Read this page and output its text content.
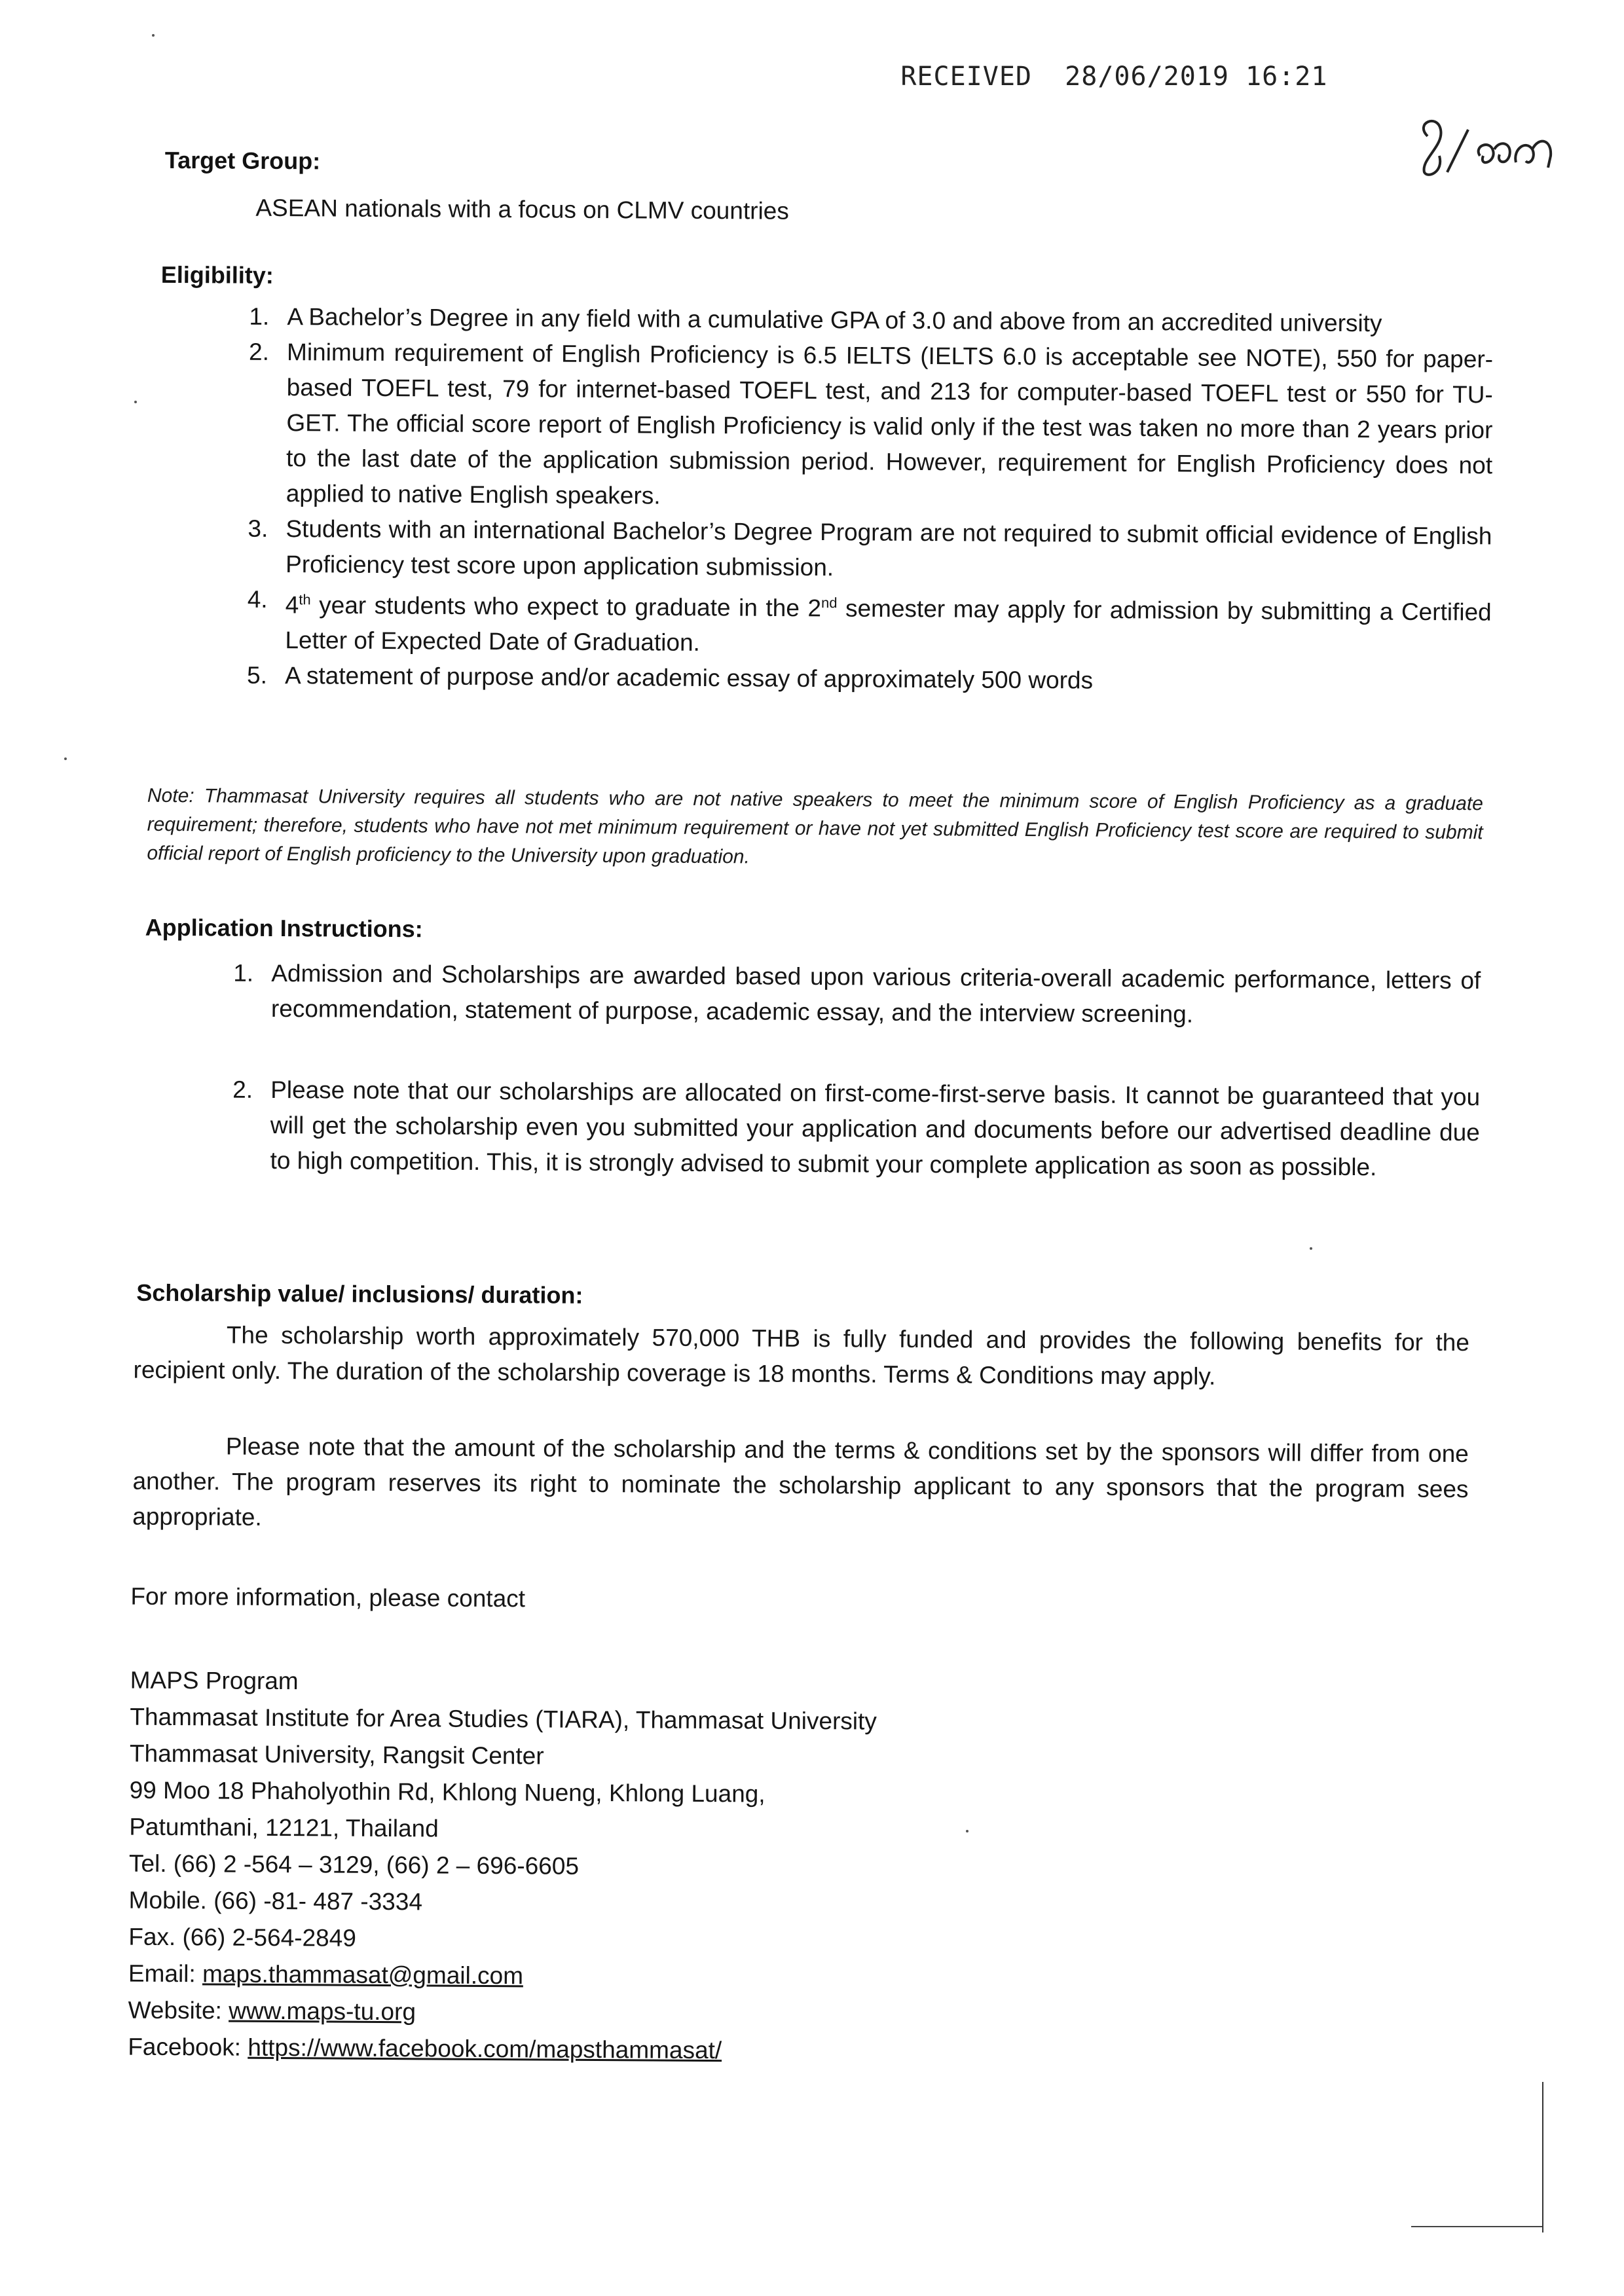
RECEIVED 28/06/2019 16:21

Target Group:
ASEAN nationals with a focus on CLMV countries
Eligibility:
1. A Bachelor’s Degree in any field with a cumulative GPA of 3.0 and above from an accredited university
2. Minimum requirement of English Proficiency is 6.5 IELTS (IELTS 6.0 is acceptable see NOTE), 550 for paper-based TOEFL test, 79 for internet-based TOEFL test, and 213 for computer-based TOEFL test or 550 for TU-GET. The official score report of English Proficiency is valid only if the test was taken no more than 2 years prior to the last date of the application submission period. However, requirement for English Proficiency does not applied to native English speakers.
3. Students with an international Bachelor’s Degree Program are not required to submit official evidence of English Proficiency test score upon application submission.
4. 4th year students who expect to graduate in the 2nd semester may apply for admission by submitting a Certified Letter of Expected Date of Graduation.
5. A statement of purpose and/or academic essay of approximately 500 words
Note: Thammasat University requires all students who are not native speakers to meet the minimum score of English Proficiency as a graduate requirement; therefore, students who have not met minimum requirement or have not yet submitted English Proficiency test score are required to submit official report of English proficiency to the University upon graduation.
Application Instructions:
1. Admission and Scholarships are awarded based upon various criteria-overall academic performance, letters of recommendation, statement of purpose, academic essay, and the interview screening.
2. Please note that our scholarships are allocated on first-come-first-serve basis. It cannot be guaranteed that you will get the scholarship even you submitted your application and documents before our advertised deadline due to high competition. This, it is strongly advised to submit your complete application as soon as possible.
Scholarship value/ inclusions/ duration:
The scholarship worth approximately 570,000 THB is fully funded and provides the following benefits for the recipient only. The duration of the scholarship coverage is 18 months. Terms & Conditions may apply.
Please note that the amount of the scholarship and the terms & conditions set by the sponsors will differ from one another. The program reserves its right to nominate the scholarship applicant to any sponsors that the program sees appropriate.
For more information, please contact
MAPS Program
Thammasat Institute for Area Studies (TIARA), Thammasat University
Thammasat University, Rangsit Center
99 Moo 18 Phaholyothin Rd, Khlong Nueng, Khlong Luang,
Patumthani, 12121, Thailand
Tel. (66) 2 -564 – 3129, (66) 2 – 696-6605
Mobile. (66) -81- 487 -3334
Fax. (66) 2-564-2849
Email: maps.thammasat@gmail.com
Website: www.maps-tu.org
Facebook: https://www.facebook.com/mapsthammasat/
